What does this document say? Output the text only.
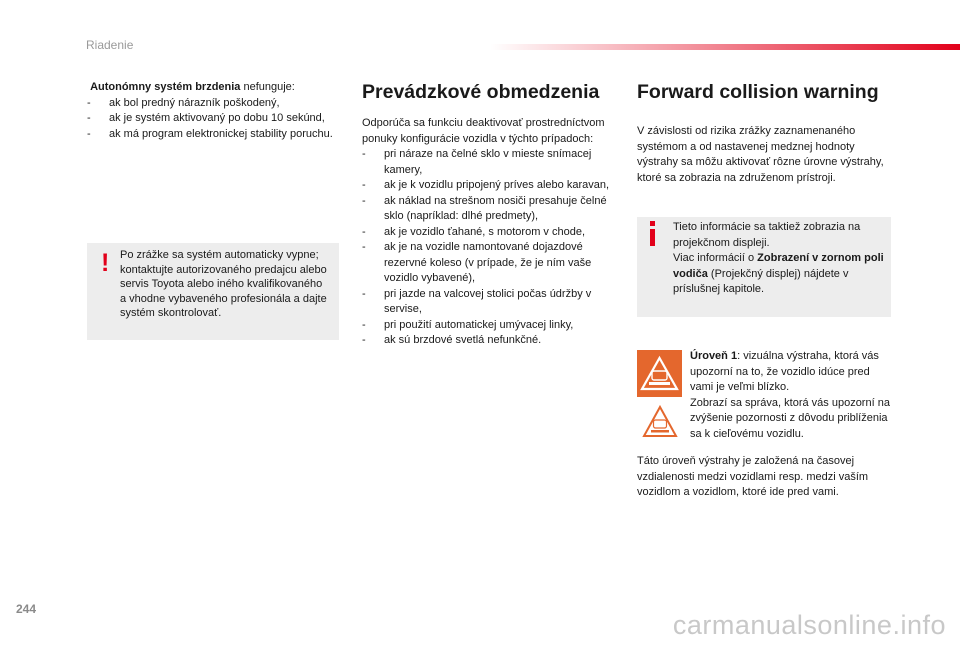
Riadenie

Autonómny systém brzdenia nefunguje:

- ak bol predný nárazník poškodený,
- ak je systém aktivovaný po dobu 10 sekúnd,
- ak má program elektronickej stability poruchu.
! Po zrážke sa systém automaticky vypne; kontaktujte autorizovaného predajcu alebo servis Toyota alebo iného kvalifikovaného a vhodne vybaveného profesionála a dajte systém skontrolovať.
Prevádzkové obmedzenia

Odporúča sa funkciu deaktivovať prostredníctvom ponuky konfigurácie vozidla v týchto prípadoch:

- pri náraze na čelné sklo v mieste snímacej kamery,
- ak je k vozidlu pripojený príves alebo karavan,
- ak náklad na strešnom nosiči presahuje čelné sklo (napríklad: dlhé predmety),
- ak je vozidlo ťahané, s motorom v chode,
- ak je na vozidle namontované dojazdové rezervné koleso (v prípade, že je ním vaše vozidlo vybavené),
- pri jazde na valcovej stolici počas údržby v servise,
- pri použití automatickej umývacej linky,
- ak sú brzdové svetlá nefunkčné.
Forward collision warning

V závislosti od rizika zrážky zaznamenaného systémom a od nastavenej medznej hodnoty výstrahy sa môžu aktivovať rôzne úrovne výstrahy, ktoré sa zobrazia na združenom prístroji.

Tieto informácie sa taktiež zobrazia na projekčnom displeji.
Viac informácií o Zobrazení v zornom poli vodiča (Projekčný displej) nájdete v príslušnej kapitole.
Úroveň 1: vizuálna výstraha, ktorá vás upozorní na to, že vozidlo idúce pred vami je veľmi blízko.
Zobrazí sa správa, ktorá vás upozorní na zvýšenie pozornosti z dôvodu priblíženia sa k cieľovému vozidlu.
Táto úroveň výstrahy je založená na časovej vzdialenosti medzi vozidlami resp. medzi vaším vozidlom a vozidlom, ktoré ide pred vami.
244
carmanualsonline.info
